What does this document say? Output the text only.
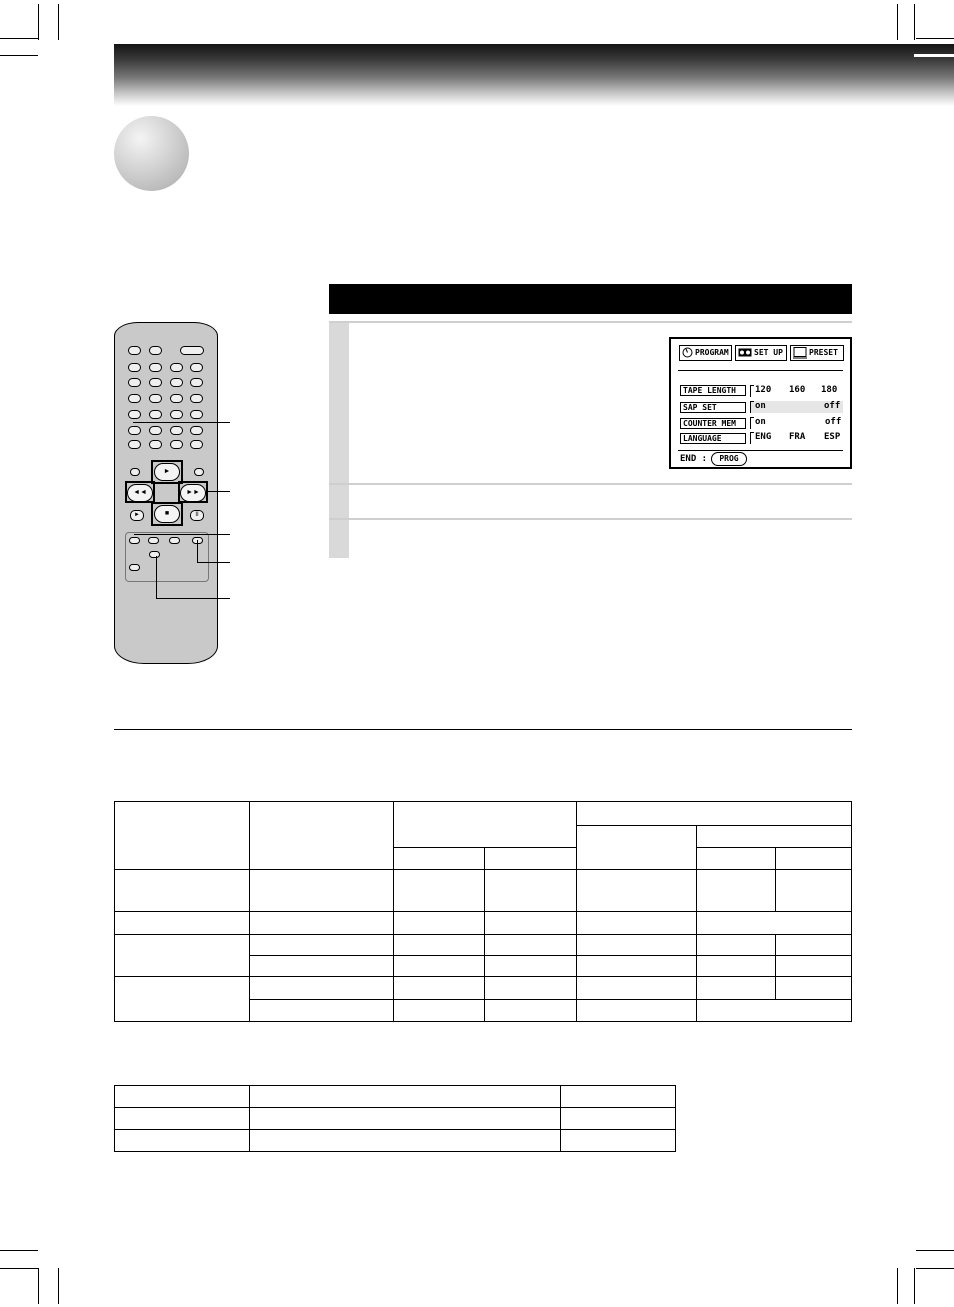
PROGRAM	SET UP	PRESET
TAPE LENGTH	120 160 180
SAP SET	on	off
COUNTER MEM	on	off
LANGUAGE	ENG FRA ESP
END :	PROG
►
◄◄	►►
■
►	II
